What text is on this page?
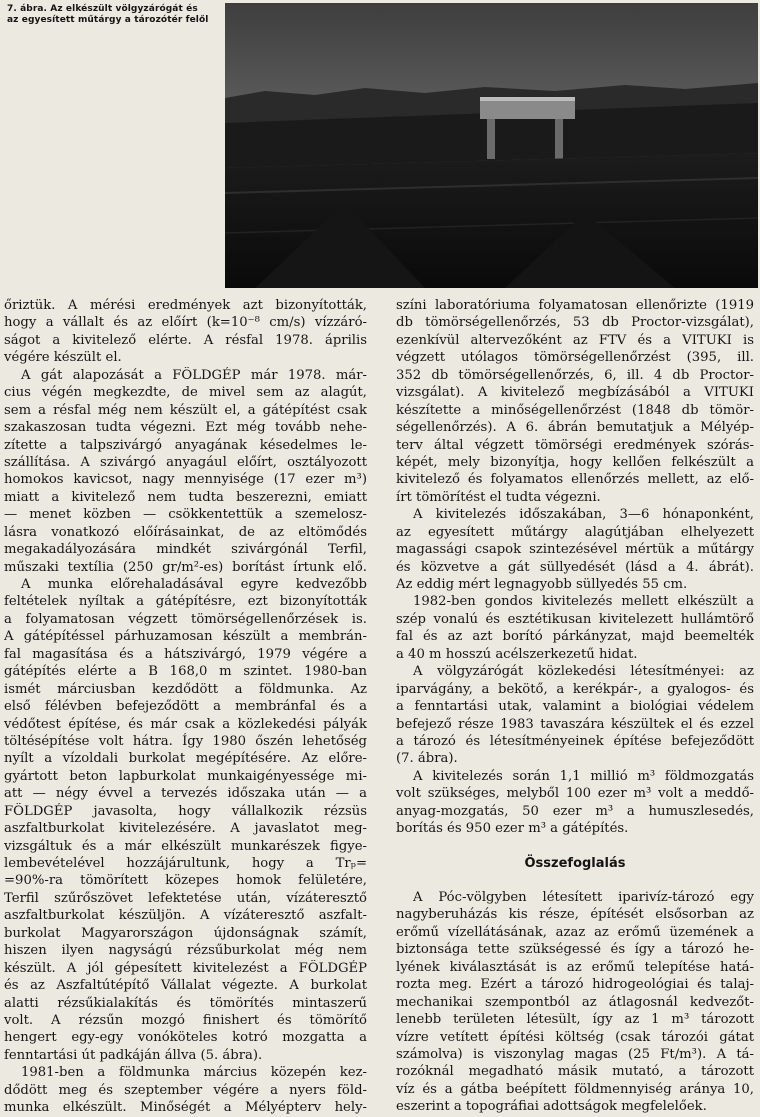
7. ábra. Az elkészült völgyzárógát és
az egyesített műtárgy a tározótér felől
őriztük. A mérési eredmények azt bizonyították,
hogy a vállalt és az előírt (k=10⁻⁸ cm/s) vízzáró-
ságot a kivitelező elérte. A résfal 1978. április
végére készült el.
A gát alapozását a FÖLDGÉP már 1978. már-
cius végén megkezdte, de mivel sem az alagút,
sem a résfal még nem készült el, a gátépítést csak
szakaszosan tudta végezni. Ezt még tovább nehe-
zítette a talpszivárgó anyagának késedelmes le-
szállítása. A szivárgó anyagául előírt, osztályozott
homokos kavicsot, nagy mennyisége (17 ezer m³)
miatt a kivitelező nem tudta beszerezni, emiatt
— menet közben — csökkentettük a szemelosz-
lásra vonatkozó előírásainkat, de az eltömődés
megakadályozására mindkét szivárgónál Terfil,
műszaki textília (250 gr/m²-es) borítást írtunk elő.
A munka előrehaladásával egyre kedvezőbb
feltételek nyíltak a gátépítésre, ezt bizonyították
a folyamatosan végzett tömörségellenőrzések is.
A gátépítéssel párhuzamosan készült a membrán-
fal magasítása és a hátszivárgó, 1979 végére a
gátépítés elérte a B 168,0 m szintet. 1980-ban
ismét márciusban kezdődött a földmunka. Az
első félévben befejeződött a membránfal és a
védőtest építése, és már csak a közlekedési pályák
töltésépítése volt hátra. Így 1980 őszén lehetőség
nyílt a vízoldali burkolat megépítésére. Az előre-
gyártott beton lapburkolat munkaigényessége mi-
att — négy évvel a tervezés időszaka után — a
FÖLDGÉP javasolta, hogy vállalkozik rézsüs
aszfaltburkolat kivitelezésére. A javaslatot meg-
vizsgáltuk és a már elkészült munkarészek figye-
lembevételével hozzájárultunk, hogy a Trₚ=
=90%-ra tömörített közepes homok felületére,
Terfil szűrőszövet lefektetése után, vízáteresztő
aszfaltburkolat készüljön. A vízáteresztő aszfalt-
burkolat Magyarországon újdonságnak számít,
hiszen ilyen nagyságú rézsűburkolat még nem
készült. A jól gépesített kivitelezést a FÖLDGÉP
és az Aszfaltútépítő Vállalat végezte. A burkolat
alatti rézsűkialakítás és tömörítés mintaszerű
volt. A rézsűn mozgó finishert és tömörítő
hengert egy-egy vonóköteles kotró mozgatta a
fenntartási út padkáján állva (5. ábra).
1981-ben a földmunka március közepén kez-
dődött meg és szeptember végére a nyers föld-
munka elkészült. Minőségét a Mélyépterv hely-
színi laboratóriuma folyamatosan ellenőrizte (1919
db tömörségellenőrzés, 53 db Proctor-vizsgálat),
ezenkívül altervezőként az FTV és a VITUKI is
végzett utólagos tömörségellenőrzést (395, ill.
352 db tömörségellenőrzés, 6, ill. 4 db Proctor-
vizsgálat). A kivitelező megbízásából a VITUKI
készítette a minőségellenőrzést (1848 db tömör-
ségellenőrzés). A 6. ábrán bemutatjuk a Mélyép-
terv által végzett tömörségi eredmények szórás-
képét, mely bizonyítja, hogy kellően felkészült a
kivitelező és folyamatos ellenőrzés mellett, az elő-
írt tömörítést el tudta végezni.
A kivitelezés időszakában, 3—6 hónaponként,
az egyesített műtárgy alagútjában elhelyezett
magassági csapok szintezésével mértük a műtárgy
és közvetve a gát süllyedését (lásd a 4. ábrát).
Az eddig mért legnagyobb süllyedés 55 cm.
1982-ben gondos kivitelezés mellett elkészült a
szép vonalú és esztétikusan kivitelezett hullámtörő
fal és az azt borító párkányzat, majd beemelték
a 40 m hosszú acélszerkezetű hidat.
A völgyzárógát közlekedési létesítményei: az
iparvágány, a bekötő, a kerékpár-, a gyalogos- és
a fenntartási utak, valamint a biológiai védelem
befejező része 1983 tavaszára készültek el és ezzel
a tározó és létesítményeinek építése befejeződött
(7. ábra).
A kivitelezés során 1,1 millió m³ földmozgatás
volt szükséges, melyből 100 ezer m³ volt a meddő-
anyag-mozgatás, 50 ezer m³ a humuszlesedés,
borítás és 950 ezer m³ a gátépítés.
Összefoglalás
A Póc-völgyben létesített iparivíz-tározó egy
nagyberuházás kis része, építését elsősorban az
erőmű vízellátásának, azaz az erőmű üzemének a
biztonsága tette szükségessé és így a tározó he-
lyének kiválasztását is az erőmű telepítése hatá-
rozta meg. Ezért a tározó hidrogeológiai és talaj-
mechanikai szempontból az átlagosnál kedvezőt-
lenebb területen létesült, így az 1 m³ tározott
vízre vetített építési költség (csak tározói gátat
számolva) is viszonylag magas (25 Ft/m³). A tá-
rozóknál megadható másik mutató, a tározott
víz és a gátba beépített földmennyiség aránya 10,
eszerint a topográfiai adottságok megfelelőek.
